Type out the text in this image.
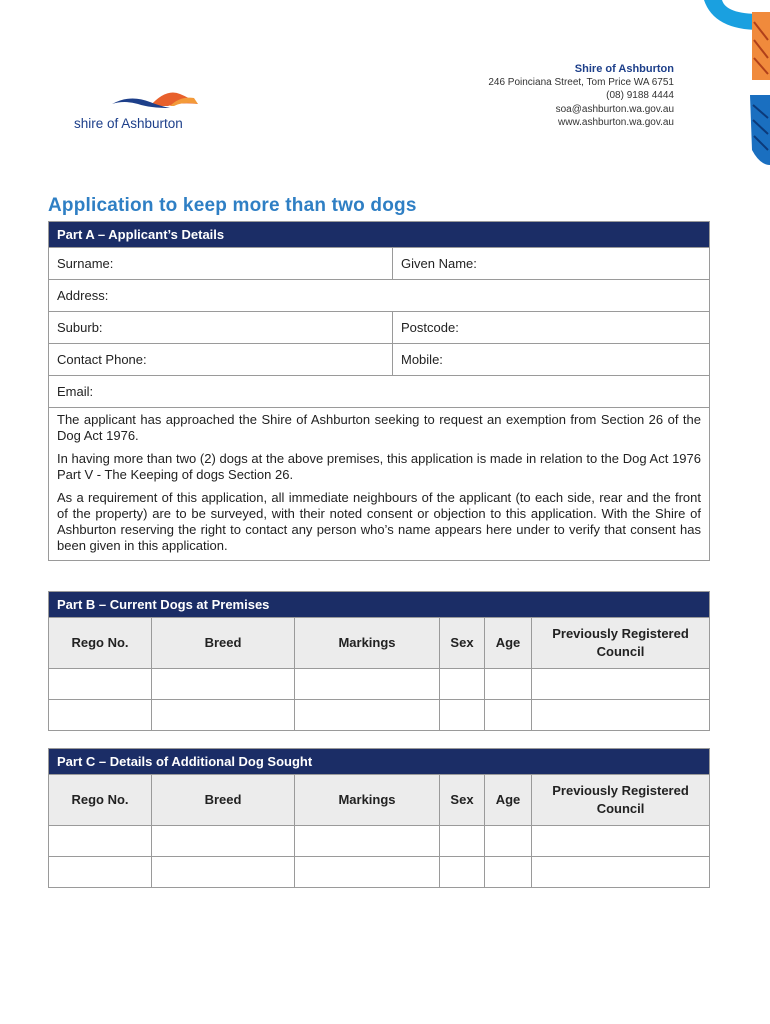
shire of Ashburton
Shire of Ashburton
246 Poinciana Street, Tom Price WA 6751
(08) 9188 4444
soa@ashburton.wa.gov.au
www.ashburton.wa.gov.au
Application to keep more than two dogs
Part A – Applicant’s Details	
Surname:	Given Name:
Address:	
Suburb:	Postcode:
Contact Phone:	Mobile:
Email:	

The applicant has approached the Shire of Ashburton seeking to request an exemption from Section 26 of the Dog Act 1976.

In having more than two (2) dogs at the above premises, this application is made in relation to the Dog Act 1976 Part V - The Keeping of dogs Section 26.

As a requirement of this application, all immediate neighbours of the applicant (to each side, rear and the front of the property) are to be surveyed, with their noted consent or objection to this application. With the Shire of Ashburton reserving the right to contact any person who’s name appears here under to verify that consent has been given in this application.	

Part B – Current Dogs at Premises					
Rego No.	Breed	Markings	Sex	Age	Previously Registered Council

Part C – Details of Additional Dog Sought					
Rego No.	Breed	Markings	Sex	Age	Previously Registered Council
